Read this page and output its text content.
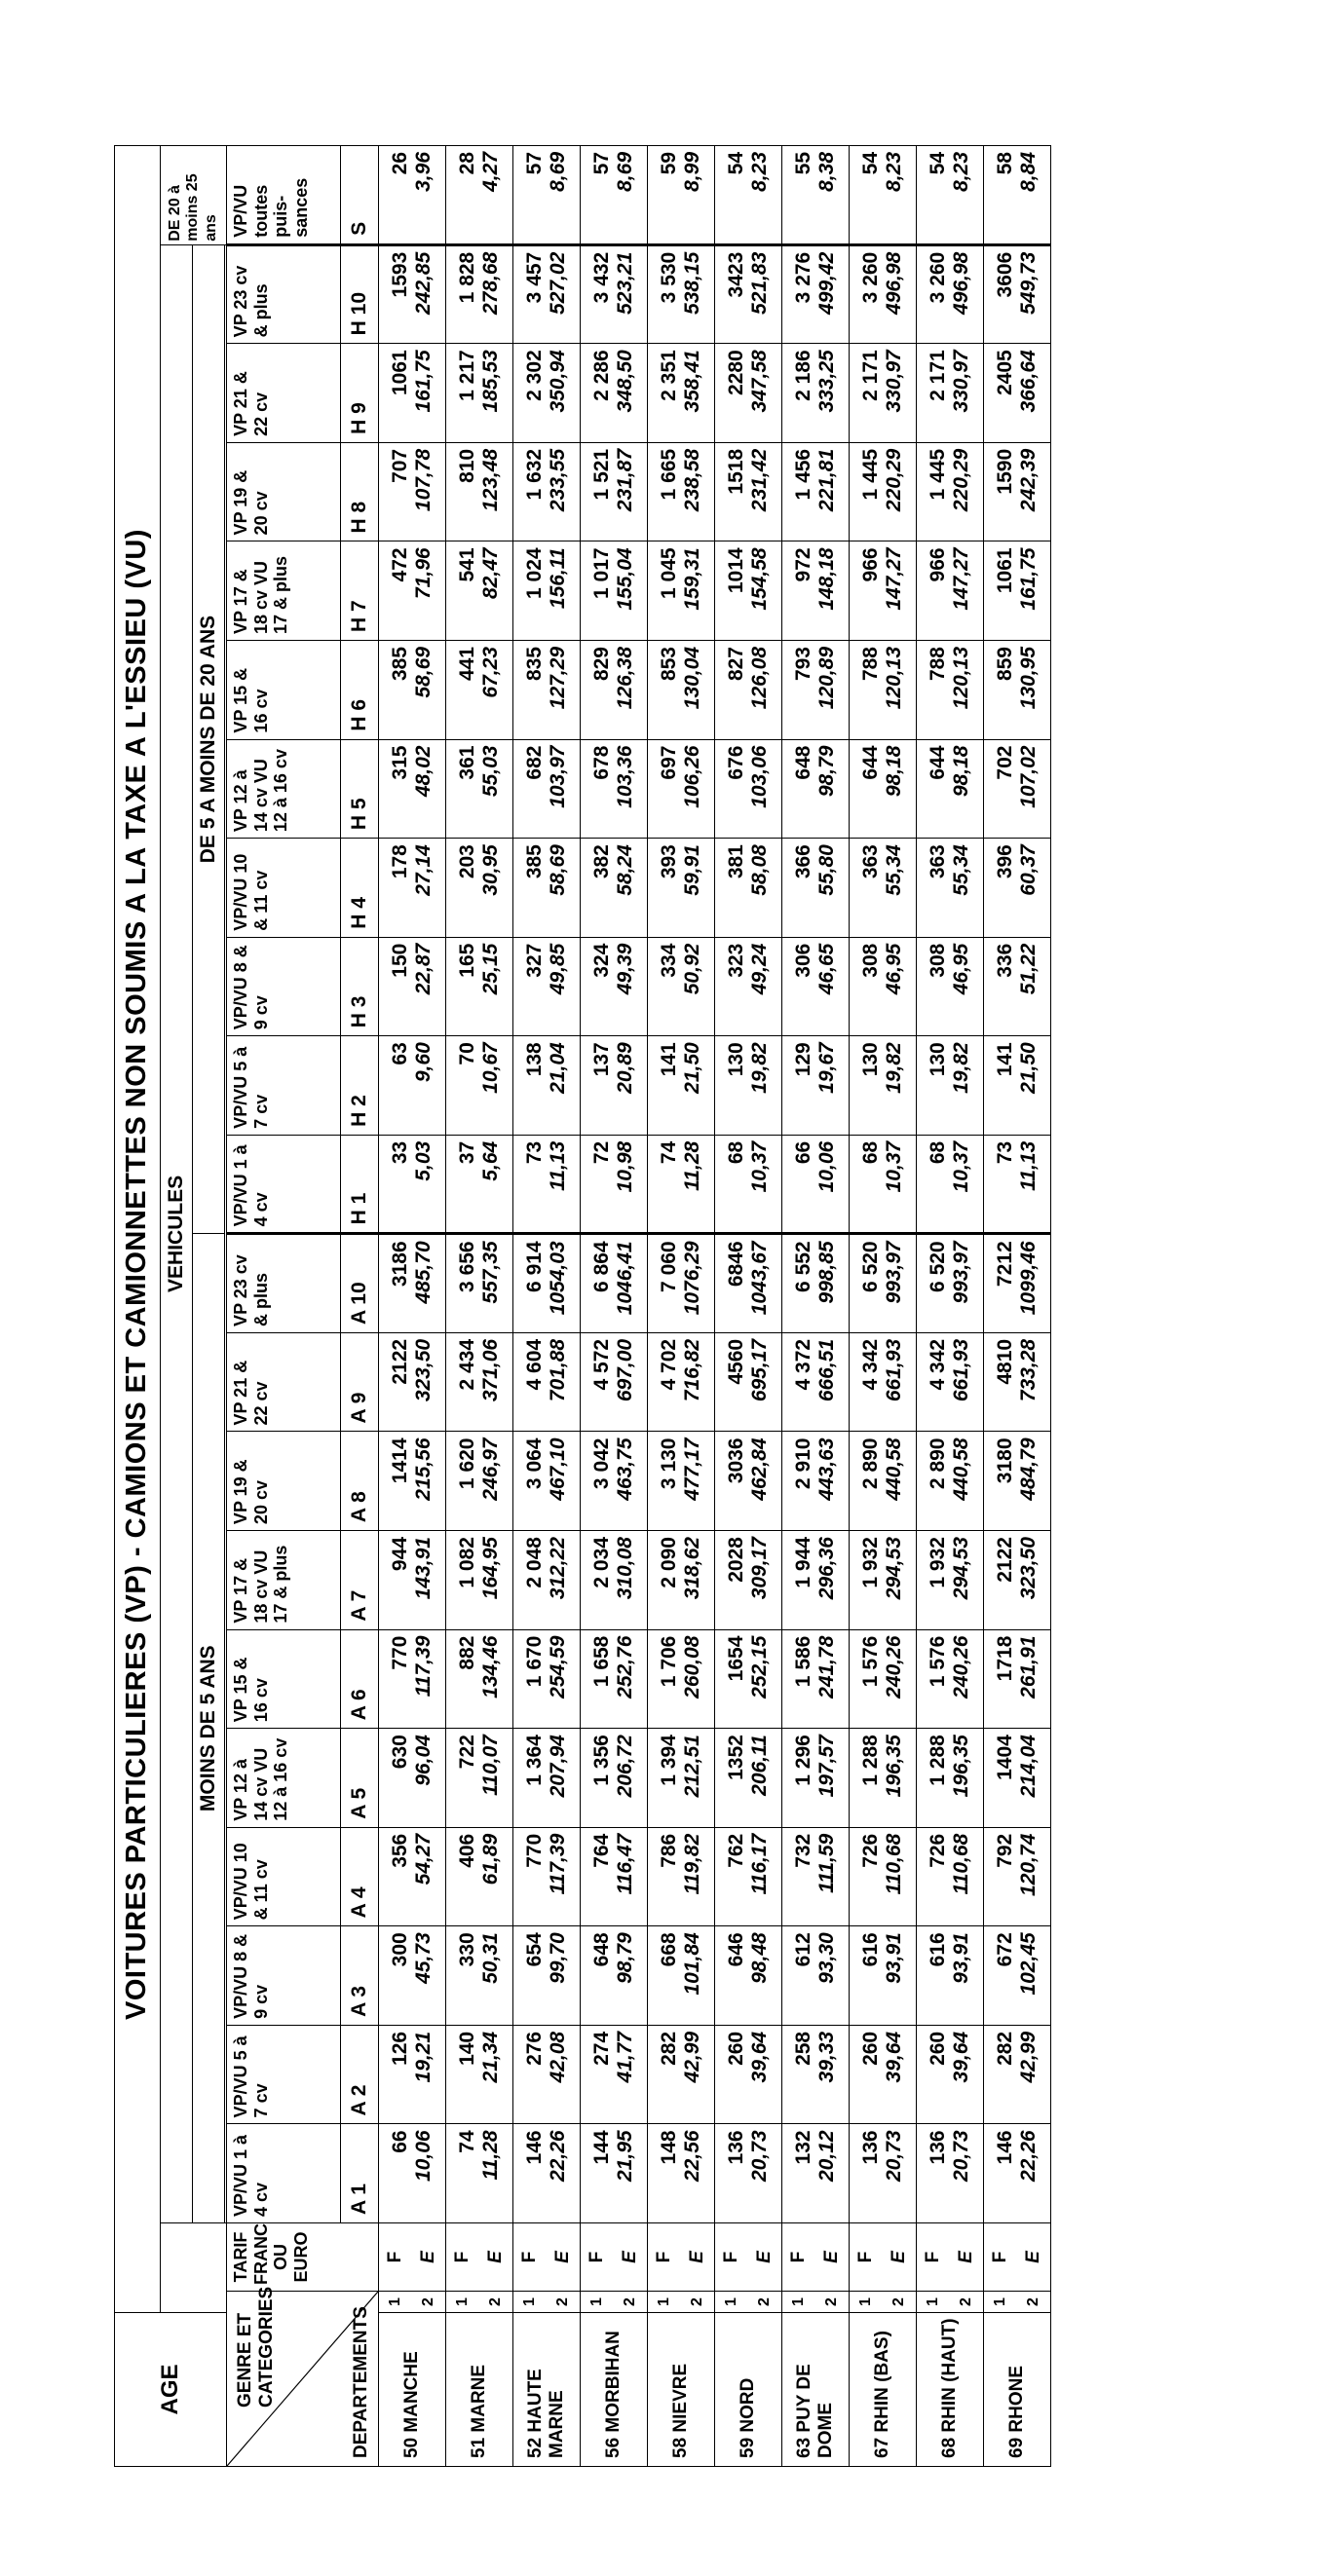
AGE	VOITURES PARTICULIERES (VP) - CAMIONS ET CAMIONNETTES NON SOUMIS A LA TAXE A L'ESSIEU (VU)																						
			VEHICULES																				DE 20 à moins 25 ans
			MOINS DE 5 ANS										DE 5 A MOINS DE 20 ANS										

GENRE ET CATEGORIES DEPARTEMENTS		TARIF FRANC OU EURO	VP/VU 1 à 4 cv	VP/VU 5 à 7 cv	VP/VU 8 & 9 cv	VP/VU 10 & 11 cv	VP 12 à 14 cv VU 12 à 16 cv	VP 15 & 16 cv	VP 17 & 18 cv VU 17 & plus	VP 19 & 20 cv	VP 21 & 22 cv	VP 23 cv & plus	VP/VU 1 à 4 cv	VP/VU 5 à 7 cv	VP/VU 8 & 9 cv	VP/VU 10 & 11 cv	VP 12 à 14 cv VU 12 à 16 cv	VP 15 & 16 cv	VP 17 & 18 cv VU 17 & plus	VP 19 & 20 cv	VP 21 & 22 cv	VP 23 cv & plus	VP/VU toutes puis-sances
			A 1	A 2	A 3	A 4	A 5	A 6	A 7	A 8	A 9	A 10	H 1	H 2	H 3	H 4	H 5	H 6	H 7	H 8	H 9	H 10	S
50 MANCHE	1	F	66	126	300	356	630	770	944	1414	2122	3186	33	63	150	178	315	385	472	707	1061	1593	26
	2	E	10,06	19,21	45,73	54,27	96,04	117,39	143,91	215,56	323,50	485,70	5,03	9,60	22,87	27,14	48,02	58,69	71,96	107,78	161,75	242,85	3,96
51 MARNE	1	F	74	140	330	406	722	882	1 082	1 620	2 434	3 656	37	70	165	203	361	441	541	810	1 217	1 828	28
	2	E	11,28	21,34	50,31	61,89	110,07	134,46	164,95	246,97	371,06	557,35	5,64	10,67	25,15	30,95	55,03	67,23	82,47	123,48	185,53	278,68	4,27
52 HAUTE MARNE	1	F	146	276	654	770	1 364	1 670	2 048	3 064	4 604	6 914	73	138	327	385	682	835	1 024	1 632	2 302	3 457	57
	2	E	22,26	42,08	99,70	117,39	207,94	254,59	312,22	467,10	701,88	1054,03	11,13	21,04	49,85	58,69	103,97	127,29	156,11	233,55	350,94	527,02	8,69
56 MORBIHAN	1	F	144	274	648	764	1 356	1 658	2 034	3 042	4 572	6 864	72	137	324	382	678	829	1 017	1 521	2 286	3 432	57
	2	E	21,95	41,77	98,79	116,47	206,72	252,76	310,08	463,75	697,00	1046,41	10,98	20,89	49,39	58,24	103,36	126,38	155,04	231,87	348,50	523,21	8,69
58 NIEVRE	1	F	148	282	668	786	1 394	1 706	2 090	3 130	4 702	7 060	74	141	334	393	697	853	1 045	1 665	2 351	3 530	59
	2	E	22,56	42,99	101,84	119,82	212,51	260,08	318,62	477,17	716,82	1076,29	11,28	21,50	50,92	59,91	106,26	130,04	159,31	238,58	358,41	538,15	8,99
59 NORD	1	F	136	260	646	762	1352	1654	2028	3036	4560	6846	68	130	323	381	676	827	1014	1518	2280	3423	54
	2	E	20,73	39,64	98,48	116,17	206,11	252,15	309,17	462,84	695,17	1043,67	10,37	19,82	49,24	58,08	103,06	126,08	154,58	231,42	347,58	521,83	8,23
63 PUY DE DOME	1	F	132	258	612	732	1 296	1 586	1 944	2 910	4 372	6 552	66	129	306	366	648	793	972	1 456	2 186	3 276	55
	2	E	20,12	39,33	93,30	111,59	197,57	241,78	296,36	443,63	666,51	998,85	10,06	19,67	46,65	55,80	98,79	120,89	148,18	221,81	333,25	499,42	8,38
67 RHIN (BAS)	1	F	136	260	616	726	1 288	1 576	1 932	2 890	4 342	6 520	68	130	308	363	644	788	966	1 445	2 171	3 260	54
	2	E	20,73	39,64	93,91	110,68	196,35	240,26	294,53	440,58	661,93	993,97	10,37	19,82	46,95	55,34	98,18	120,13	147,27	220,29	330,97	496,98	8,23
68 RHIN (HAUT)	1	F	136	260	616	726	1 288	1 576	1 932	2 890	4 342	6 520	68	130	308	363	644	788	966	1 445	2 171	3 260	54
	2	E	20,73	39,64	93,91	110,68	196,35	240,26	294,53	440,58	661,93	993,97	10,37	19,82	46,95	55,34	98,18	120,13	147,27	220,29	330,97	496,98	8,23
69 RHONE	1	F	146	282	672	792	1404	1718	2122	3180	4810	7212	73	141	336	396	702	859	1061	1590	2405	3606	58
	2	E	22,26	42,99	102,45	120,74	214,04	261,91	323,50	484,79	733,28	1099,46	11,13	21,50	51,22	60,37	107,02	130,95	161,75	242,39	366,64	549,73	8,84
